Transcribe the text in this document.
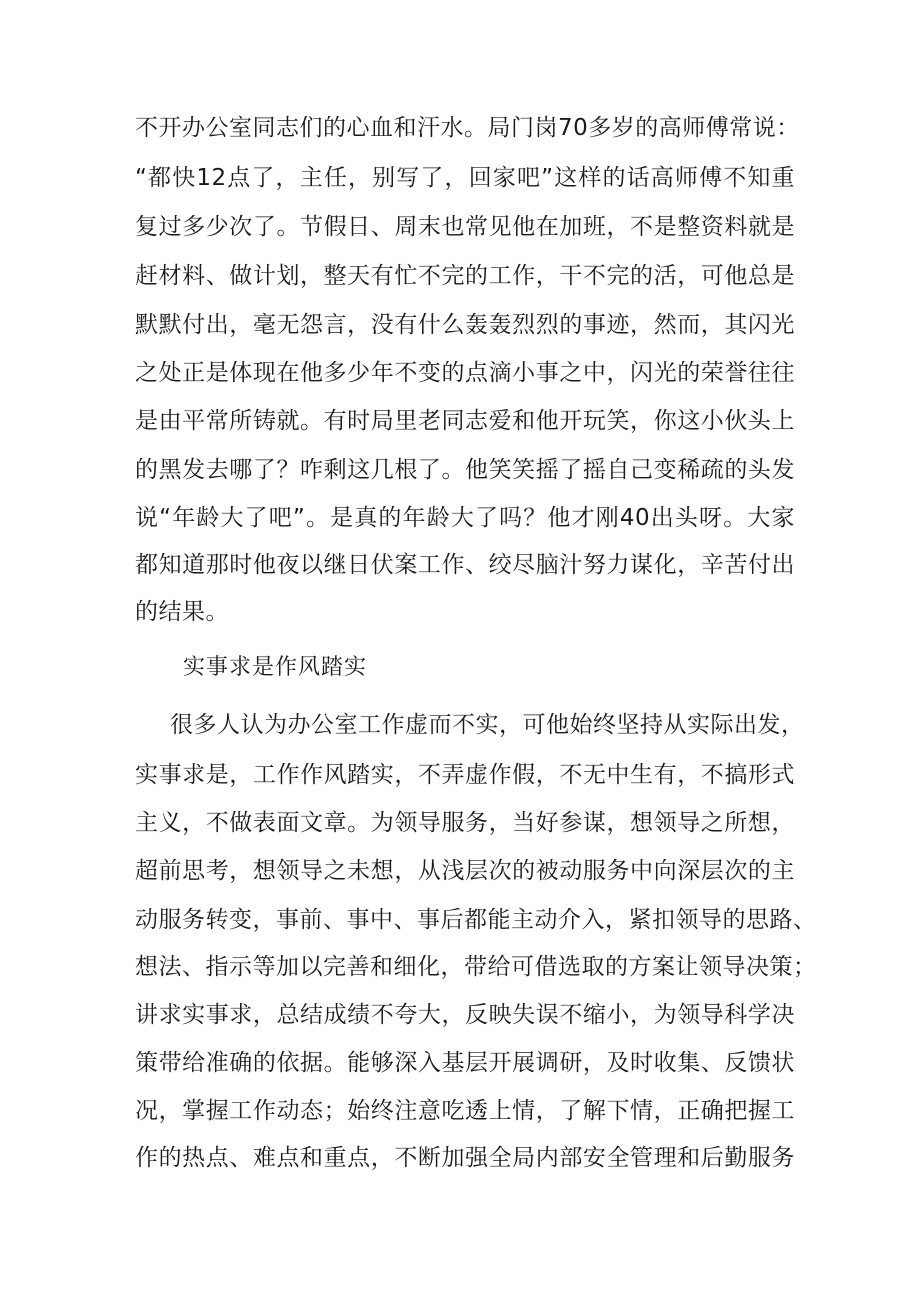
不开办公室同志们的心血和汗水。局门岗70多岁的高师傅常说：
“都快12点了，主任，别写了，回家吧”这样的话高师傅不知重
复过多少次了。节假日、周末也常见他在加班，不是整资料就是
赶材料、做计划，整天有忙不完的工作，干不完的活，可他总是
默默付出，毫无怨言，没有什么轰轰烈烈的事迹，然而，其闪光
之处正是体现在他多少年不变的点滴小事之中，闪光的荣誉往往
是由平常所铸就。有时局里老同志爱和他开玩笑，你这小伙头上
的黑发去哪了？咋剩这几根了。他笑笑摇了摇自己变稀疏的头发
说“年龄大了吧”。是真的年龄大了吗？他才刚40出头呀。大家
都知道那时他夜以继日伏案工作、绞尽脑汁努力谋化，辛苦付出
的结果。
实事求是作风踏实
很多人认为办公室工作虚而不实，可他始终坚持从实际出发，
实事求是，工作作风踏实，不弄虚作假，不无中生有，不搞形式
主义，不做表面文章。为领导服务，当好参谋，想领导之所想，
超前思考，想领导之未想，从浅层次的被动服务中向深层次的主
动服务转变，事前、事中、事后都能主动介入，紧扣领导的思路、
想法、指示等加以完善和细化，带给可借选取的方案让领导决策；
讲求实事求，总结成绩不夸大，反映失误不缩小，为领导科学决
策带给准确的依据。能够深入基层开展调研，及时收集、反馈状
况，掌握工作动态；始终注意吃透上情，了解下情，正确把握工
作的热点、难点和重点，不断加强全局内部安全管理和后勤服务
